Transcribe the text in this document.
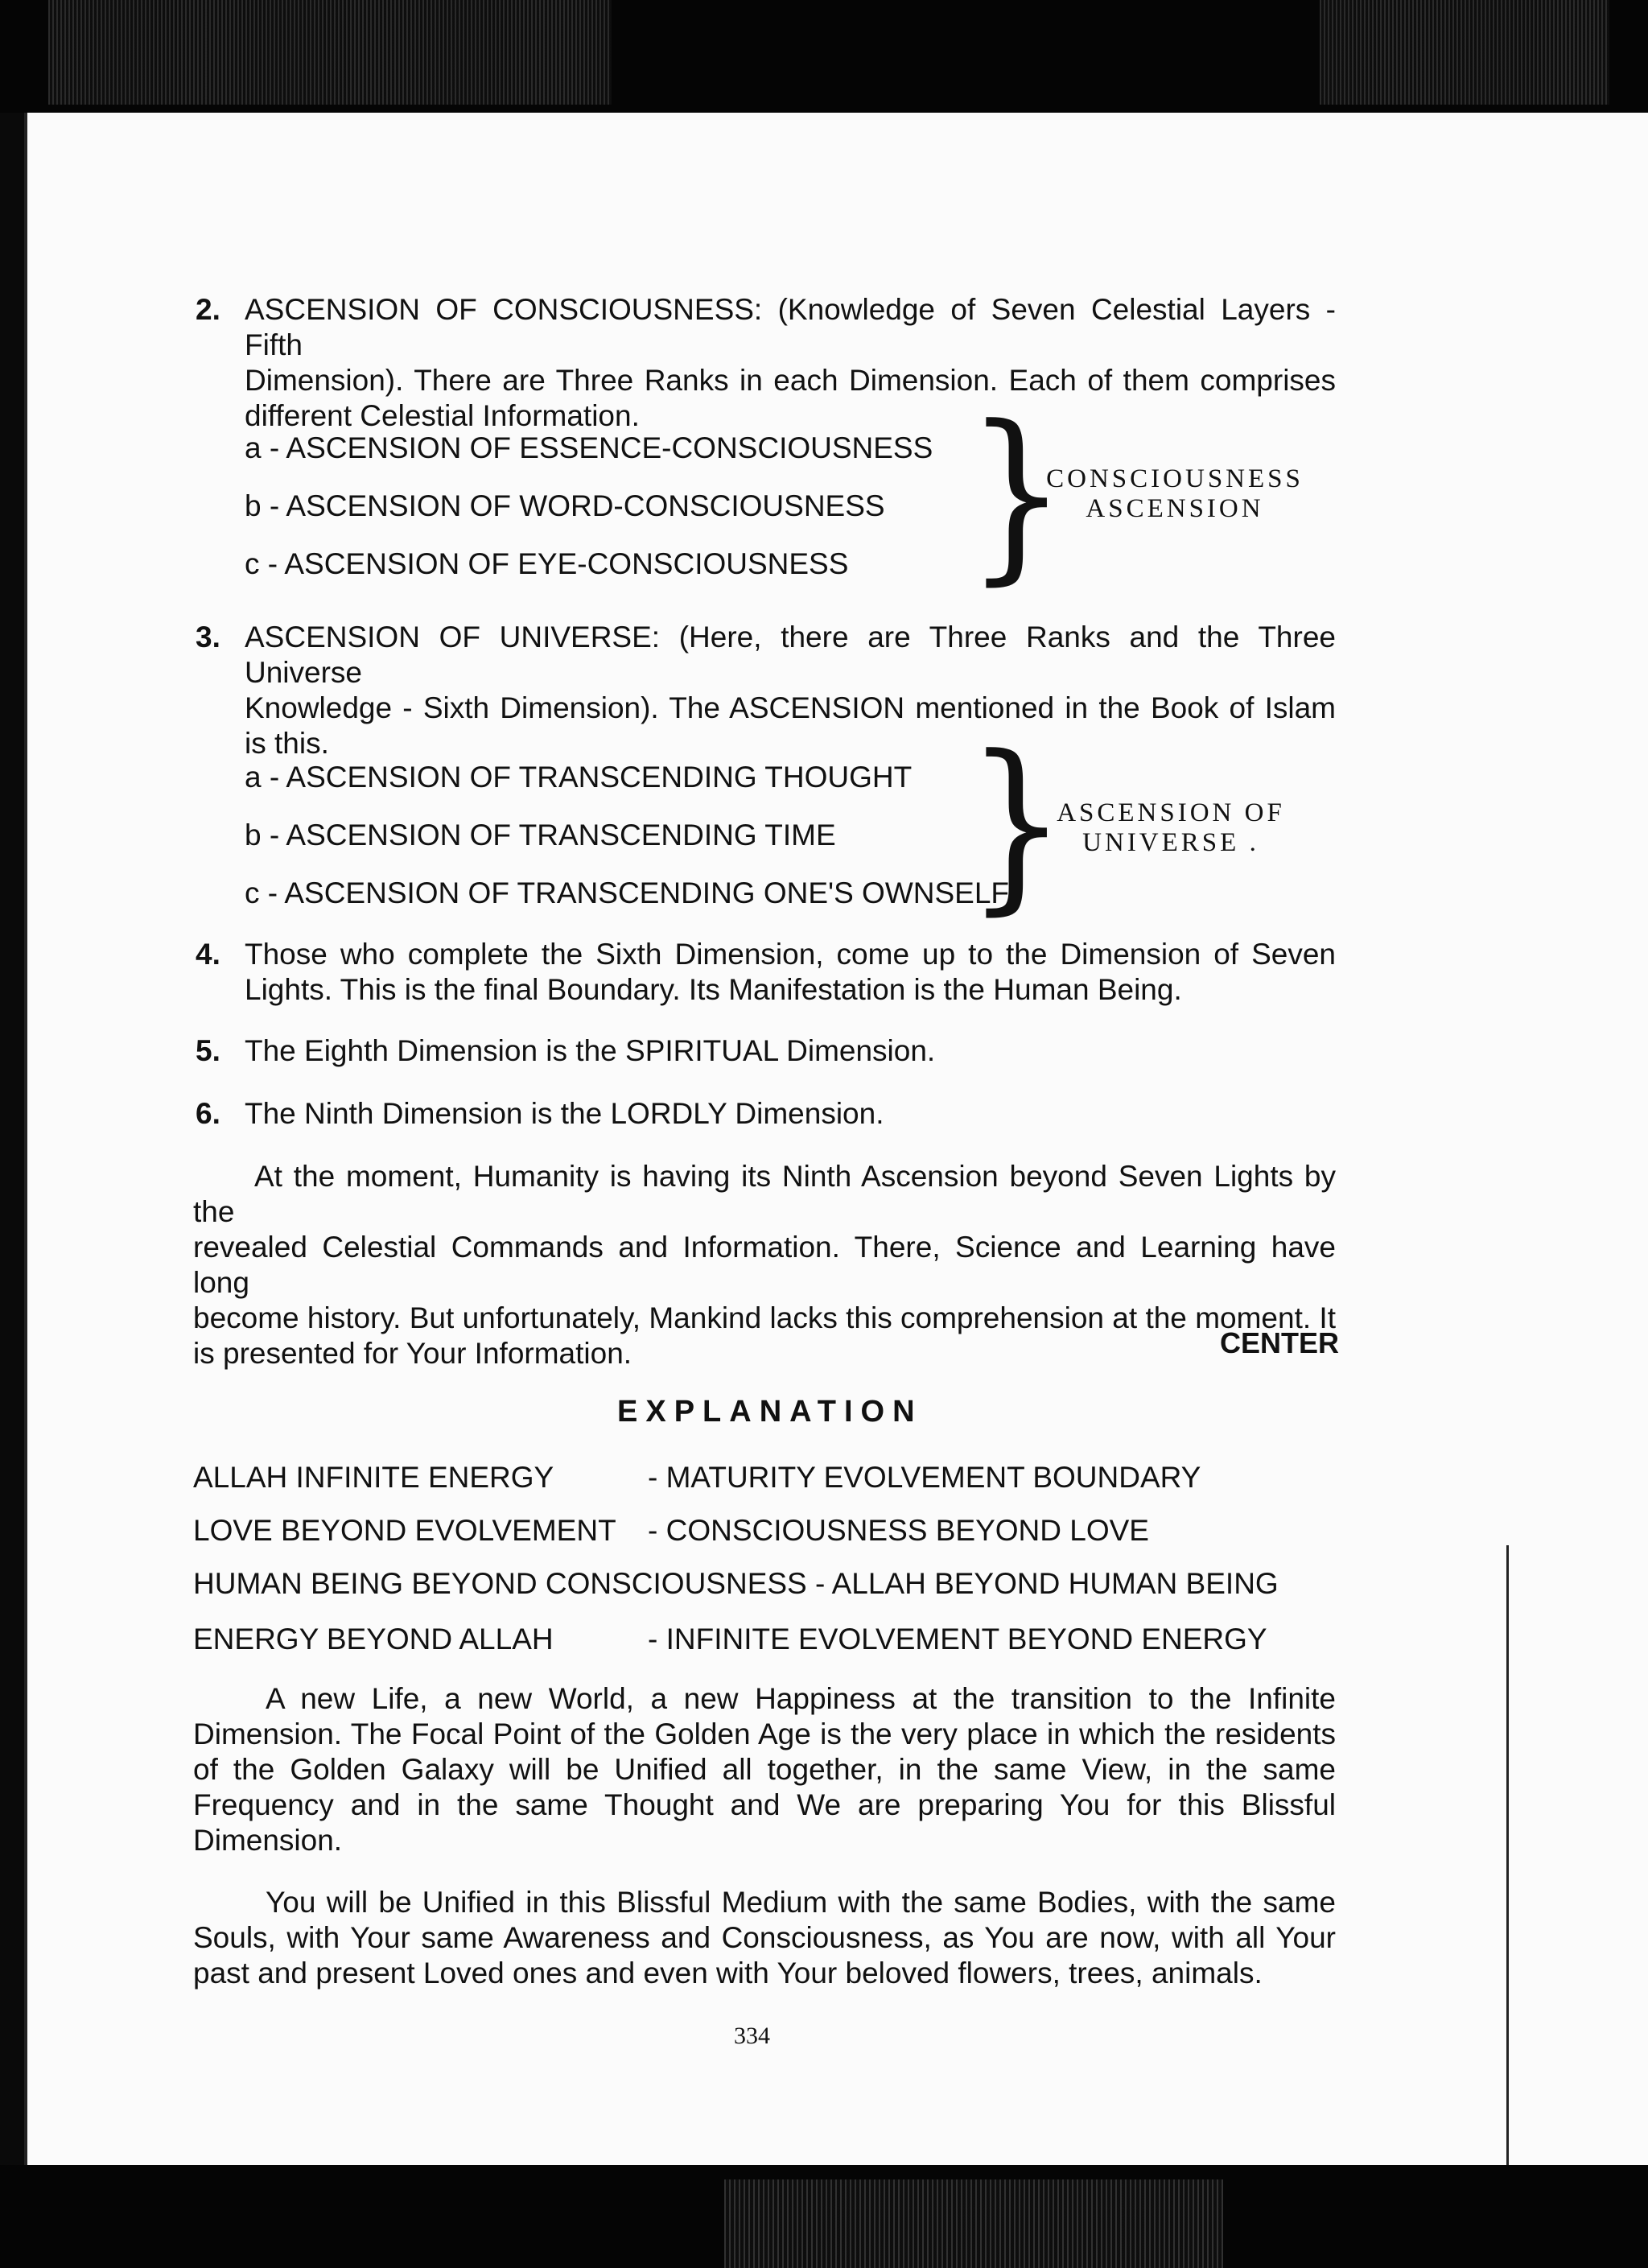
2. ASCENSION OF CONSCIOUSNESS: (Knowledge of Seven Celestial Layers - Fifth
Dimension). There are Three Ranks in each Dimension. Each of them comprises
different Celestial Information.
a - ASCENSION OF ESSENCE-CONSCIOUSNESS
b - ASCENSION OF WORD-CONSCIOUSNESS
c - ASCENSION OF EYE-CONSCIOUSNESS }
CONSCIOUSNESS
ASCENSION
3. ASCENSION OF UNIVERSE: (Here, there are Three Ranks and the Three Universe
Knowledge - Sixth Dimension). The ASCENSION mentioned in the Book of Islam
is this.
a - ASCENSION OF TRANSCENDING THOUGHT
b - ASCENSION OF TRANSCENDING TIME
c - ASCENSION OF TRANSCENDING ONE'S OWNSELF
}
ASCENSION OF
UNIVERSE .
4. Those who complete the Sixth Dimension, come up to the Dimension of Seven
Lights. This is the final Boundary. Its Manifestation is the Human Being.
5. The Eighth Dimension is the SPIRITUAL Dimension.
6. The Ninth Dimension is the LORDLY Dimension.
At the moment, Humanity is having its Ninth Ascension beyond Seven Lights by the
revealed Celestial Commands and Information. There, Science and Learning have long
become history. But unfortunately, Mankind lacks this comprehension at the moment. It
is presented for Your Information.	CENTER
EXPLANATION
ALLAH INFINITE ENERGY	- MATURITY EVOLVEMENT BOUNDARY
LOVE BEYOND EVOLVEMENT - CONSCIOUSNESS BEYOND LOVE
HUMAN BEING BEYOND CONSCIOUSNESS - ALLAH BEYOND HUMAN BEING
ENERGY BEYOND ALLAH	- INFINITE EVOLVEMENT BEYOND ENERGY
A new Life, a new World, a new Happiness at the transition to the Infinite
Dimension. The Focal Point of the Golden Age is the very place in which the residents
of the Golden Galaxy will be Unified all together, in the same View, in the same
Frequency and in the same Thought and We are preparing You for this Blissful
Dimension.
You will be Unified in this Blissful Medium with the same Bodies, with the same
Souls, with Your same Awareness and Consciousness, as You are now, with all Your
past and present Loved ones and even with Your beloved flowers, trees, animals.
334
